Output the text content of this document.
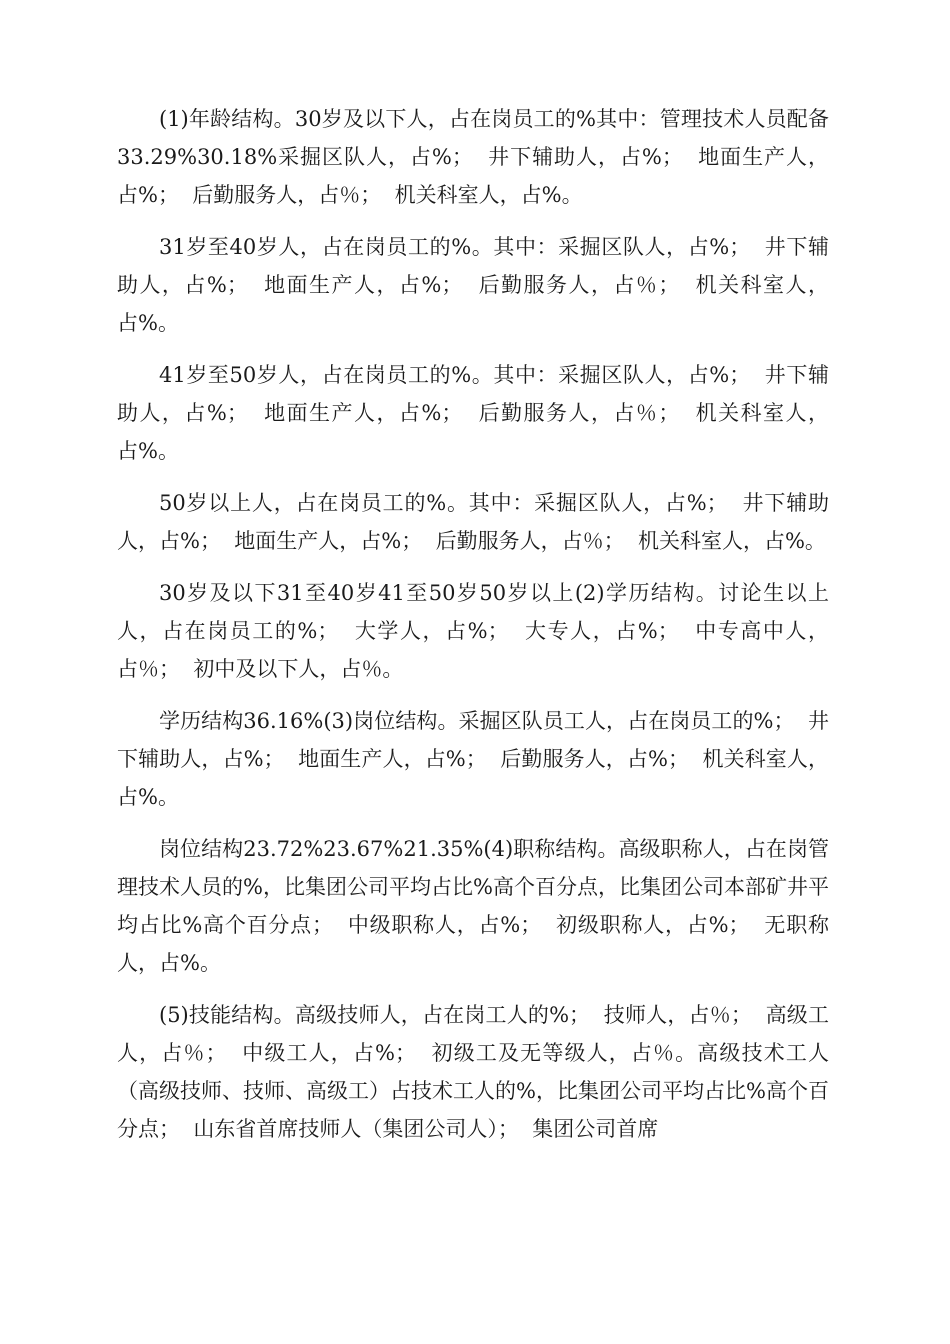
(1)年龄结构。30岁及以下人，占在岗员工的%其中：管理技术人员配备33.29%30.18%采掘区队人，占%；  井下辅助人，占%；  地面生产人，占%；  后勤服务人，占％；  机关科室人，占%。

31岁至40岁人，占在岗员工的%。其中：采掘区队人，占%；  井下辅助人，占%；  地面生产人，占%；  后勤服务人，占％；  机关科室人，占%。

41岁至50岁人，占在岗员工的%。其中：采掘区队人，占%；  井下辅助人，占%；  地面生产人，占%；  后勤服务人，占％；  机关科室人，占%。

50岁以上人，占在岗员工的%。其中：采掘区队人，占%；  井下辅助人，占%；  地面生产人，占%；  后勤服务人，占％；  机关科室人，占%。

30岁及以下31至40岁41至50岁50岁以上(2)学历结构。讨论生以上人，占在岗员工的%；  大学人，占%；  大专人，占%；  中专高中人，占％；  初中及以下人，占％。

学历结构36.16%(3)岗位结构。采掘区队员工人，占在岗员工的%；  井下辅助人，占%；  地面生产人，占%；  后勤服务人，占%；  机关科室人，占%。

岗位结构23.72%23.67%21.35%(4)职称结构。高级职称人，占在岗管理技术人员的%，比集团公司平均占比%高个百分点，比集团公司本部矿井平均占比%高个百分点；  中级职称人，占%；  初级职称人，占%；  无职称人，占%。

(5)技能结构。高级技师人，占在岗工人的%；  技师人，占％；  高级工人，占％；  中级工人，占%；  初级工及无等级人，占％。高级技术工人（高级技师、技师、高级工）占技术工人的%，比集团公司平均占比%高个百分点；  山东省首席技师人（集团公司人）；  集团公司首席
